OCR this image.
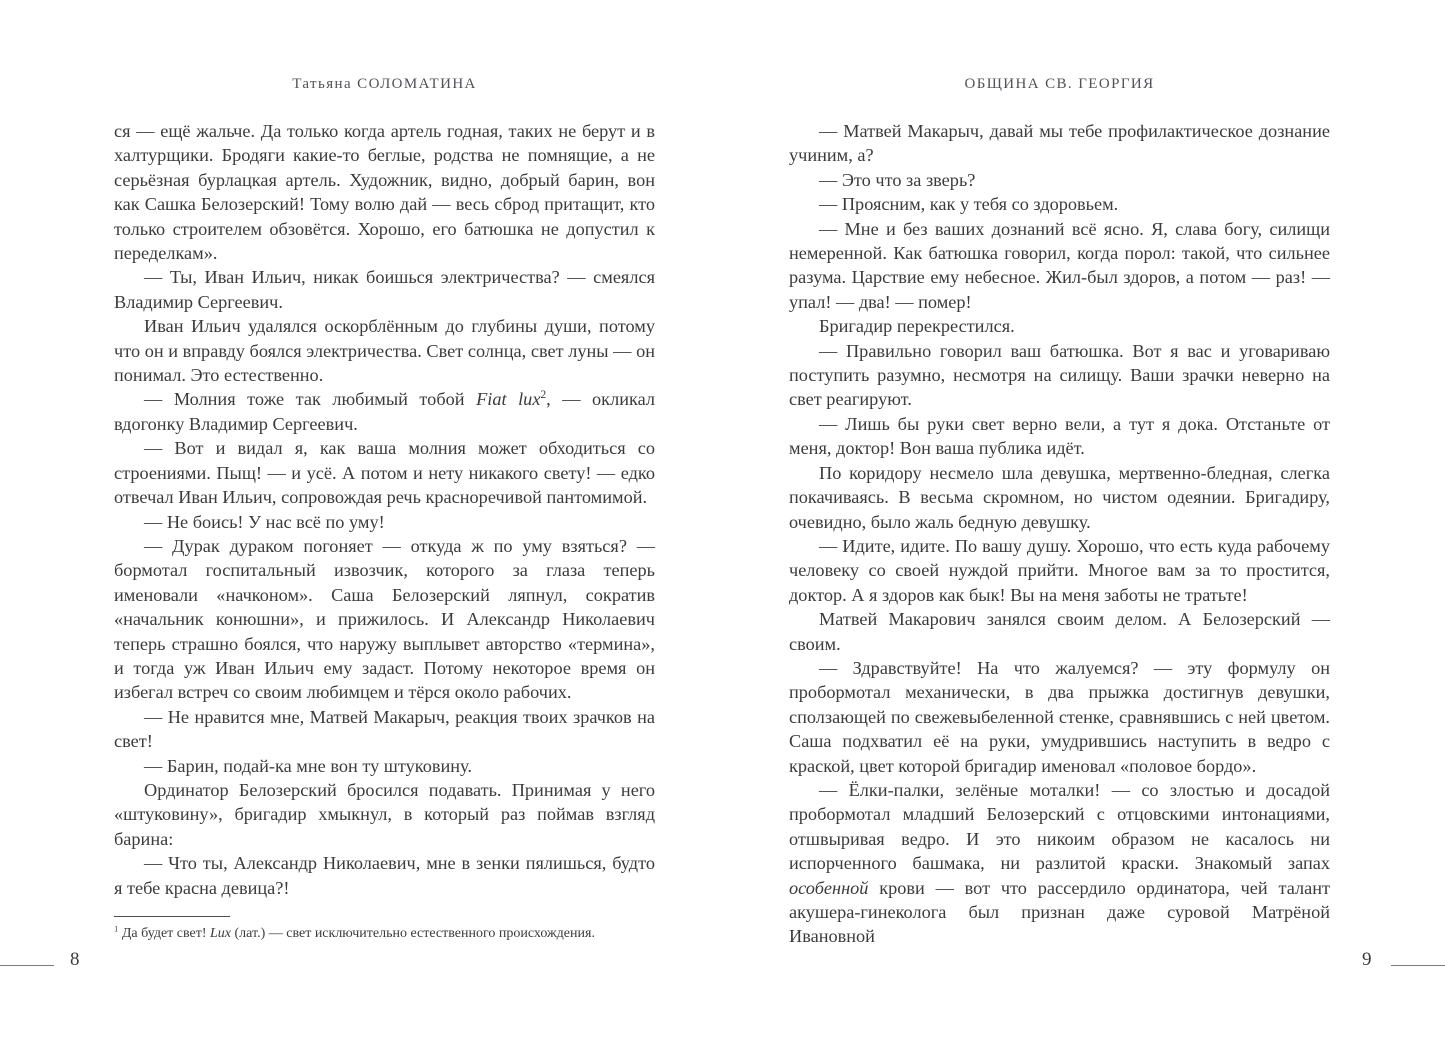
Татьяна СОЛОМАТИНА

ся — ещё жальче. Да только когда артель годная, таких не берут и в халтурщики. Бродяги какие-то беглые, родства не помнящие, а не серьёзная бурлацкая артель. Художник, видно, добрый барин, вон как Сашка Белозерский! Тому волю дай — весь сброд притащит, кто только строителем обзовётся. Хорошо, его батюшка не допустил к переделкам».

— Ты, Иван Ильич, никак боишься электричества? — смеялся Владимир Сергеевич.

Иван Ильич удалялся оскорблённым до глубины души, потому что он и вправду боялся электричества. Свет солнца, свет луны — он понимал. Это естественно.

— Молния тоже так любимый тобой Fiat lux$^2$, — окликал вдогонку Владимир Сергеевич.

— Вот и видал я, как ваша молния может обходиться со строениями. Пыщ! — и усё. А потом и нету никакого свету! — едко отвечал Иван Ильич, сопровождая речь красноречивой пантомимой.

— Не боись! У нас всё по уму!

— Дурак дураком погоняет — откуда ж по уму взяться? — бормотал госпитальный извозчик, которого за глаза теперь именовали «начконом». Саша Белозерский ляпнул, сократив «начальник конюшни», и прижилось. И Александр Николаевич теперь страшно боялся, что наружу выплывет авторство «термина», и тогда уж Иван Ильич ему задаст. Потому некоторое время он избегал встреч со своим любимцем и тёрся около рабочих.

— Не нравится мне, Матвей Макарыч, реакция твоих зрачков на свет!

— Барин, подай-ка мне вон ту штуковину.

Ординатор Белозерский бросился подавать. Принимая у него «штуковину», бригадир хмыкнул, в который раз поймав взгляд барина:

— Что ты, Александр Николаевич, мне в зенки пялишься, будто я тебе красна девица?!

$^1$ Да будет свет! Lux (лат.) — свет исключительно естественного происхождения.
ОБЩИНА СВ. ГЕОРГИЯ

— Матвей Макарыч, давай мы тебе профилактическое дознание учиним, а?

— Это что за зверь?

— Проясним, как у тебя со здоровьем.

— Мне и без ваших дознаний всё ясно. Я, слава богу, силищи немеренной. Как батюшка говорил, когда порол: такой, что сильнее разума. Царствие ему небесное. Жил-был здоров, а потом — раз! — упал! — два! — помер!

Бригадир перекрестился.

— Правильно говорил ваш батюшка. Вот я вас и уговариваю поступить разумно, несмотря на силищу. Ваши зрачки неверно на свет реагируют.

— Лишь бы руки свет верно вели, а тут я дока. Отстаньте от меня, доктор! Вон ваша публика идёт.

По коридору несмело шла девушка, мертвенно-бледная, слегка покачиваясь. В весьма скромном, но чистом одеянии. Бригадиру, очевидно, было жаль бедную девушку.

— Идите, идите. По вашу душу. Хорошо, что есть куда рабочему человеку со своей нуждой прийти. Многое вам за то простится, доктор. А я здоров как бык! Вы на меня заботы не тратьте!

Матвей Макарович занялся своим делом. А Белозерский — своим.

— Здравствуйте! На что жалуемся? — эту формулу он пробормотал механически, в два прыжка достигнув девушки, сползающей по свежевыбеленной стенке, сравнявшись с ней цветом. Саша подхватил её на руки, умудрившись наступить в ведро с краской, цвет которой бригадир именовал «половое бордо».

— Ёлки-палки, зелёные моталки! — со злостью и досадой пробормотал младший Белозерский с отцовскими интонациями, отшвыривая ведро. И это никоим образом не касалось ни испорченного башмака, ни разлитой краски. Знакомый запах особенной крови — вот что рассердило ординатора, чей талант акушера-гинеколога был признан даже суровой Матрёной Ивановной

8	9
